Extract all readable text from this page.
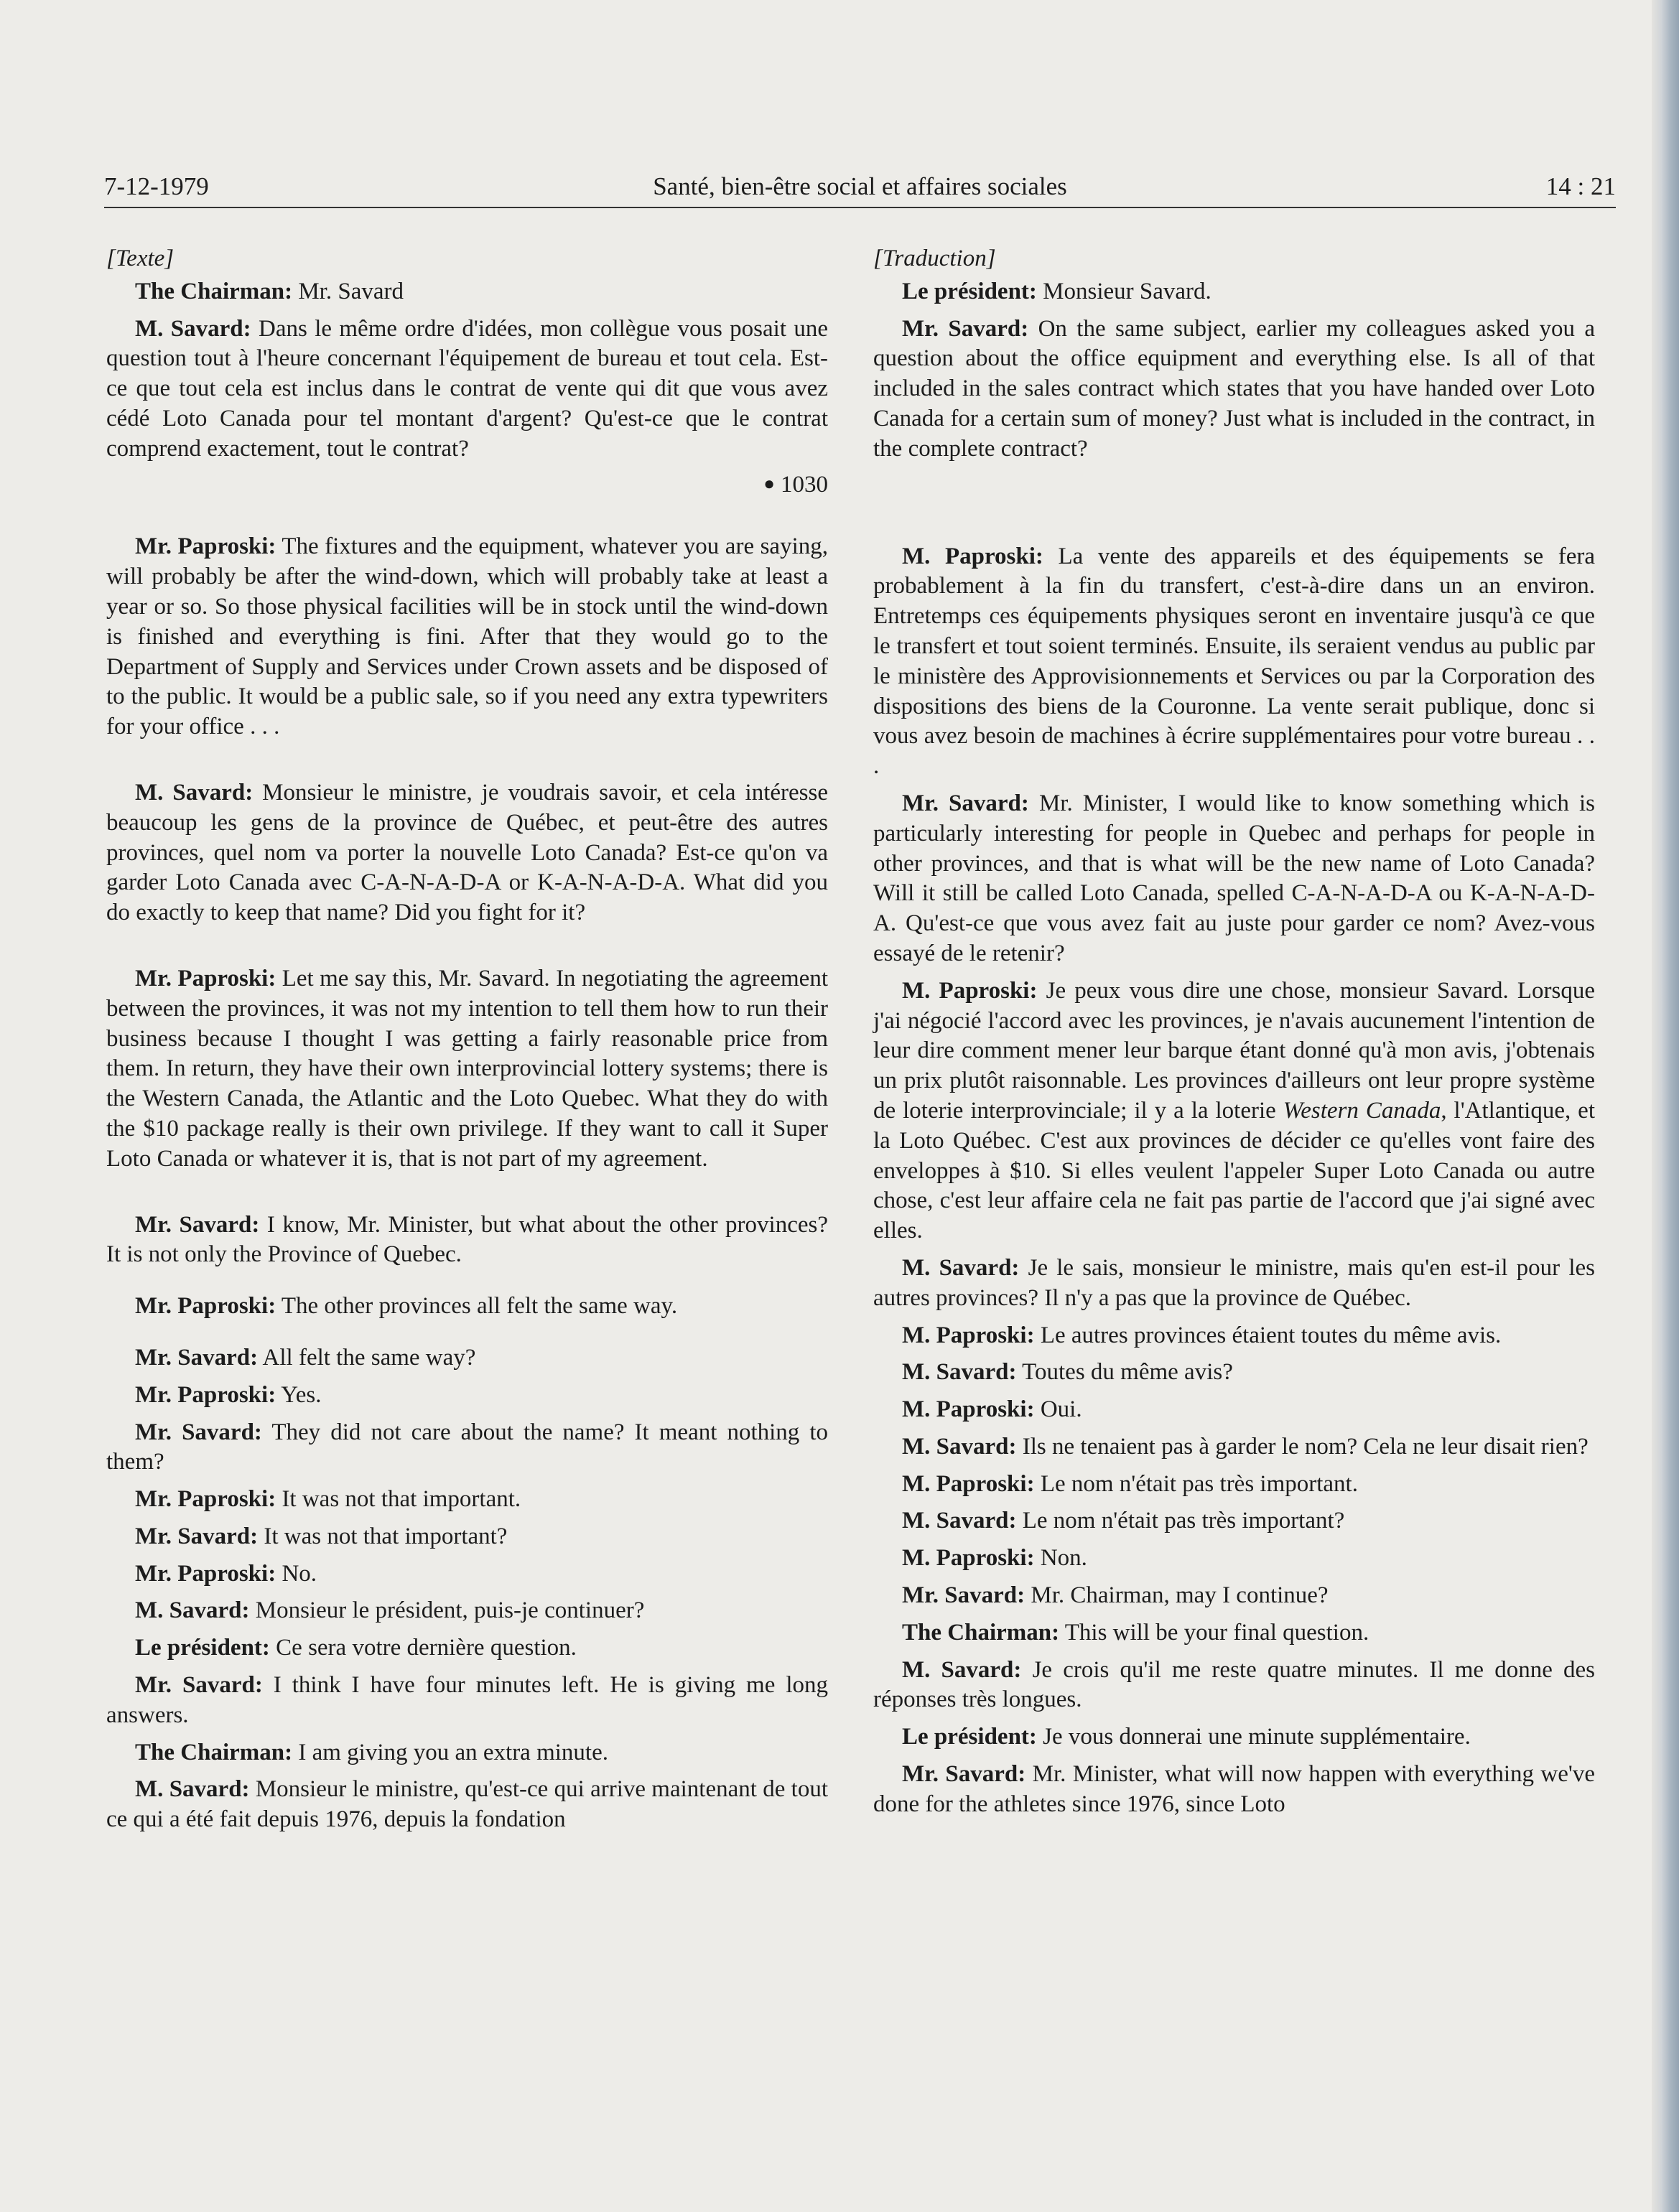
7-12-1979	Santé, bien-être social et affaires sociales	14 : 21

[Texte]

The Chairman: Mr. Savard

M. Savard: Dans le même ordre d'idées, mon collègue vous posait une question tout à l'heure concernant l'équipement de bureau et tout cela. Est-ce que tout cela est inclus dans le contrat de vente qui dit que vous avez cédé Loto Canada pour tel montant d'argent? Qu'est-ce que le contrat comprend exactement, tout le contrat?

● 1030

Mr. Paproski: The fixtures and the equipment, whatever you are saying, will probably be after the wind-down, which will probably take at least a year or so. So those physical facilities will be in stock until the wind-down is finished and everything is fini. After that they would go to the Department of Supply and Services under Crown assets and be disposed of to the public. It would be a public sale, so if you need any extra typewriters for your office . . .

M. Savard: Monsieur le ministre, je voudrais savoir, et cela intéresse beaucoup les gens de la province de Québec, et peut-être des autres provinces, quel nom va porter la nouvelle Loto Canada? Est-ce qu'on va garder Loto Canada avec C-A-N-A-D-A or K-A-N-A-D-A. What did you do exactly to keep that name? Did you fight for it?

Mr. Paproski: Let me say this, Mr. Savard. In negotiating the agreement between the provinces, it was not my intention to tell them how to run their business because I thought I was getting a fairly reasonable price from them. In return, they have their own interprovincial lottery systems; there is the Western Canada, the Atlantic and the Loto Quebec. What they do with the $10 package really is their own privilege. If they want to call it Super Loto Canada or whatever it is, that is not part of my agreement.

Mr. Savard: I know, Mr. Minister, but what about the other provinces? It is not only the Province of Quebec.

Mr. Paproski: The other provinces all felt the same way.

Mr. Savard: All felt the same way?

Mr. Paproski: Yes.

Mr. Savard: They did not care about the name? It meant nothing to them?

Mr. Paproski: It was not that important.

Mr. Savard: It was not that important?

Mr. Paproski: No.

M. Savard: Monsieur le président, puis-je continuer?

Le président: Ce sera votre dernière question.

Mr. Savard: I think I have four minutes left. He is giving me long answers.

The Chairman: I am giving you an extra minute.

M. Savard: Monsieur le ministre, qu'est-ce qui arrive maintenant de tout ce qui a été fait depuis 1976, depuis la fondation

[Traduction]

Le président: Monsieur Savard.

Mr. Savard: On the same subject, earlier my colleagues asked you a question about the office equipment and everything else. Is all of that included in the sales contract which states that you have handed over Loto Canada for a certain sum of money? Just what is included in the contract, in the complete contract?

M. Paproski: La vente des appareils et des équipements se fera probablement à la fin du transfert, c'est-à-dire dans un an environ. Entretemps ces équipements physiques seront en inventaire jusqu'à ce que le transfert et tout soient terminés. Ensuite, ils seraient vendus au public par le ministère des Approvisionnements et Services ou par la Corporation des dispositions des biens de la Couronne. La vente serait publique, donc si vous avez besoin de machines à écrire supplémentaires pour votre bureau . . .

Mr. Savard: Mr. Minister, I would like to know something which is particularly interesting for people in Quebec and perhaps for people in other provinces, and that is what will be the new name of Loto Canada? Will it still be called Loto Canada, spelled C-A-N-A-D-A ou K-A-N-A-D-A. Qu'est-ce que vous avez fait au juste pour garder ce nom? Avez-vous essayé de le retenir?

M. Paproski: Je peux vous dire une chose, monsieur Savard. Lorsque j'ai négocié l'accord avec les provinces, je n'avais aucunement l'intention de leur dire comment mener leur barque étant donné qu'à mon avis, j'obtenais un prix plutôt raisonnable. Les provinces d'ailleurs ont leur propre système de loterie interprovinciale; il y a la loterie Western Canada, l'Atlantique, et la Loto Québec. C'est aux provinces de décider ce qu'elles vont faire des enveloppes à $10. Si elles veulent l'appeler Super Loto Canada ou autre chose, c'est leur affaire cela ne fait pas partie de l'accord que j'ai signé avec elles.

M. Savard: Je le sais, monsieur le ministre, mais qu'en est-il pour les autres provinces? Il n'y a pas que la province de Québec.

M. Paproski: Le autres provinces étaient toutes du même avis.

M. Savard: Toutes du même avis?

M. Paproski: Oui.

M. Savard: Ils ne tenaient pas à garder le nom? Cela ne leur disait rien?

M. Paproski: Le nom n'était pas très important.

M. Savard: Le nom n'était pas très important?

M. Paproski: Non.

Mr. Savard: Mr. Chairman, may I continue?

The Chairman: This will be your final question.

M. Savard: Je crois qu'il me reste quatre minutes. Il me donne des réponses très longues.

Le président: Je vous donnerai une minute supplémentaire.

Mr. Savard: Mr. Minister, what will now happen with everything we've done for the athletes since 1976, since Loto
